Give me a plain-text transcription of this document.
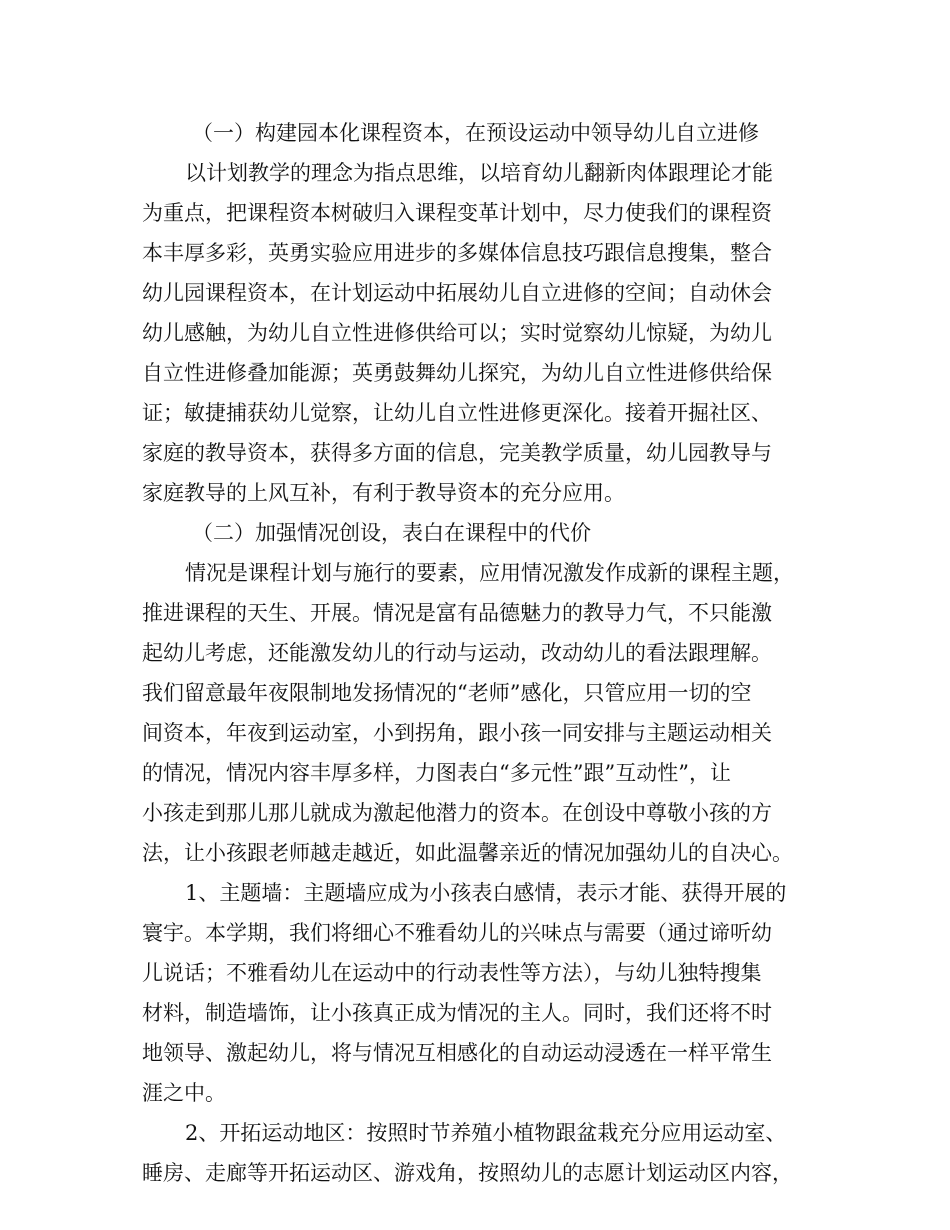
（一）构建园本化课程资本，在预设运动中领导幼儿自立进修
以计划教学的理念为指点思维，以培育幼儿翻新肉体跟理论才能
为重点，把课程资本树破归入课程变革计划中，尽力使我们的课程资
本丰厚多彩，英勇实验应用进步的多媒体信息技巧跟信息搜集，整合
幼儿园课程资本，在计划运动中拓展幼儿自立进修的空间；自动休会
幼儿感触，为幼儿自立性进修供给可以；实时觉察幼儿惊疑，为幼儿
自立性进修叠加能源；英勇鼓舞幼儿探究，为幼儿自立性进修供给保
证；敏捷捕获幼儿觉察，让幼儿自立性进修更深化。接着开掘社区、
家庭的教导资本，获得多方面的信息，完美教学质量，幼儿园教导与
家庭教导的上风互补，有利于教导资本的充分应用。
（二）加强情况创设，表白在课程中的代价
情况是课程计划与施行的要素，应用情况激发作成新的课程主题，
推进课程的天生、开展。情况是富有品德魅力的教导力气，不只能激
起幼儿考虑，还能激发幼儿的行动与运动，改动幼儿的看法跟理解。
我们留意最年夜限制地发扬情况的“老师”感化，只管应用一切的空
间资本，年夜到运动室，小到拐角，跟小孩一同安排与主题运动相关
的情况，情况内容丰厚多样，力图表白“多元性”跟”互动性”，让
小孩走到那儿那儿就成为激起他潜力的资本。在创设中尊敬小孩的方
法，让小孩跟老师越走越近，如此温馨亲近的情况加强幼儿的自决心。
1、主题墙：主题墙应成为小孩表白感情，表示才能、获得开展的
寰宇。本学期，我们将细心不雅看幼儿的兴味点与需要（通过谛听幼
儿说话；不雅看幼儿在运动中的行动表性等方法），与幼儿独特搜集
材料，制造墙饰，让小孩真正成为情况的主人。同时，我们还将不时
地领导、激起幼儿，将与情况互相感化的自动运动浸透在一样平常生
涯之中。
2、开拓运动地区：按照时节养殖小植物跟盆栽充分应用运动室、
睡房、走廊等开拓运动区、游戏角，按照幼儿的志愿计划运动区内容，
